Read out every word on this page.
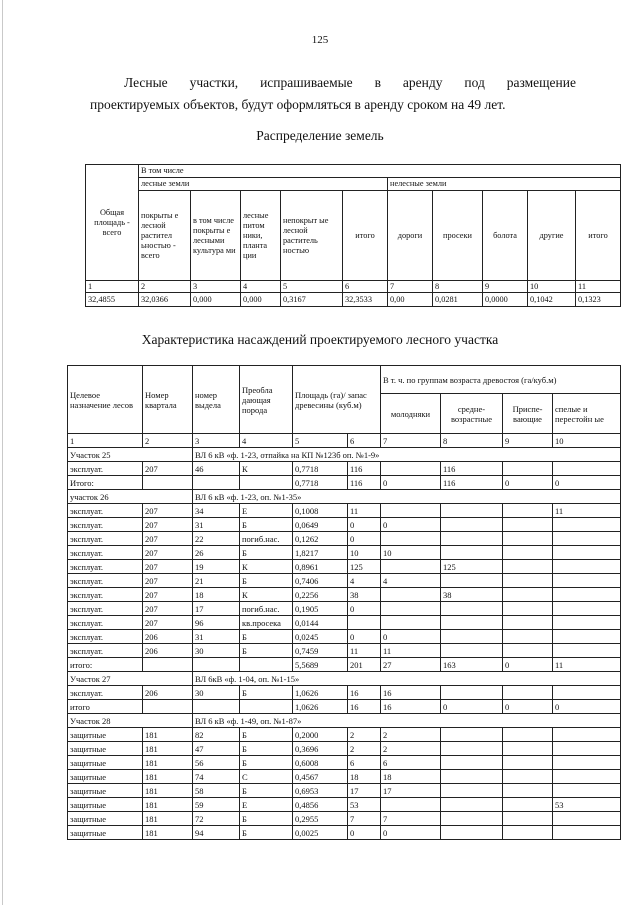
125
Лесные участки, испрашиваемые в аренду под размещение
проектируемых объектов, будут оформляться в аренду сроком на 49 лет.
Распределение земель
Общая площадь - всего	В том числе									
	лесные земли					нелесные земли				
	покрыты е лесной растител ьностью - всего	в том числе покрыты е лесными культура ми	лесные питом ники, планта ции	непокрыт ые лесной раститель ностью	итого	дороги	просеки	болота	другие	итого
1	2	3	4	5	6	7	8	9	10	11
32,4855	32,0366	0,000	0,000	0,3167	32,3533	0,00	0,0281	0,0000	0,1042	0,1323
Характеристика насаждений проектируемого лесного участка
Целевое назначение лесов	Номер квартала	номер выдела	Преобла дающая порода	Площадь (га)/ запас древесины (куб.м)		В т. ч. по группам возраста древостоя (га/куб.м)			
						молодняки	средне-возрастные	Приспе-вающие	спелые и перестойн ые
1	2	3	4	5	6	7	8	9	10
Участок 25		ВЛ 6 кВ «ф. 1-23, отпайка на КП №123б оп. №1-9»							
эксплуат.	207	46	К	0,7718	116		116		
Итого:				0,7718	116	0	116	0	0
участок 26		ВЛ 6 кВ «ф. 1-23, оп. №1-35»							
эксплуат.	207	34	Е	0,1008	11				11
эксплуат.	207	31	Б	0,0649	0	0			
эксплуат.	207	22	погиб.нас.	0,1262	0				
эксплуат.	207	26	Б	1,8217	10	10			
эксплуат.	207	19	К	0,8961	125		125		
эксплуат.	207	21	Б	0,7406	4	4			
эксплуат.	207	18	К	0,2256	38		38		
эксплуат.	207	17	погиб.нас.	0,1905	0				
эксплуат.	207	96	кв.просека	0,0144					
эксплуат.	206	31	Б	0,0245	0	0			
эксплуат.	206	30	Б	0,7459	11	11			
итого:				5,5689	201	27	163	0	11
Участок 27		ВЛ 6кВ «ф. 1-04, оп. №1-15»							
эксплуат.	206	30	Б	1,0626	16	16			
итого				1,0626	16	16	0	0	0
Участок 28		ВЛ 6 кВ «ф. 1-49, оп. №1-87»							
защитные	181	82	Б	0,2000	2	2			
защитные	181	47	Б	0,3696	2	2			
защитные	181	56	Б	0,6008	6	6			
защитные	181	74	С	0,4567	18	18			
защитные	181	58	Б	0,6953	17	17			
защитные	181	59	Е	0,4856	53				53
защитные	181	72	Б	0,2955	7	7			
защитные	181	94	Б	0,0025	0	0			
